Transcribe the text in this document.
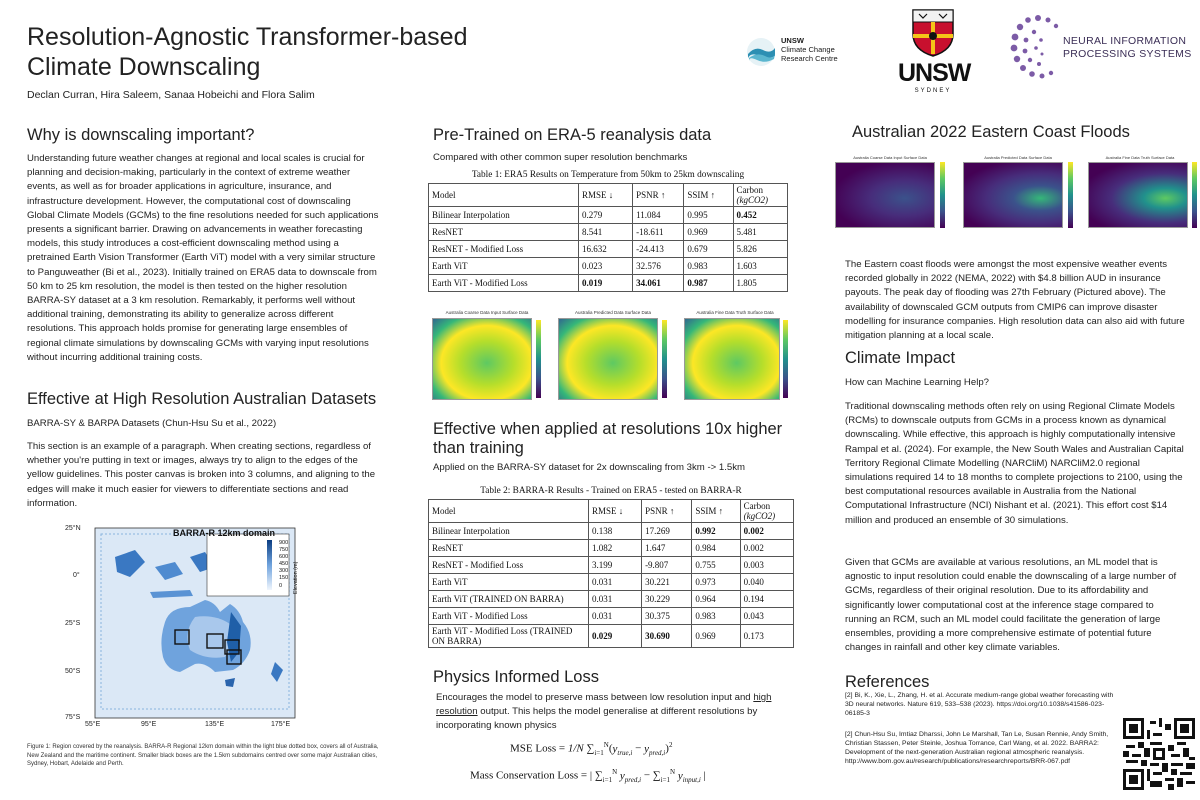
Resolution-Agnostic Transformer-based
Climate Downscaling
Declan Curran, Hira Saleem, Sanaa Hobeichi and Flora Salim
UNSW
Climate Change
Research Centre
UNSW
SYDNEY
NEURAL INFORMATION
PROCESSING SYSTEMS
Why is downscaling important?
Understanding future weather changes at regional and local scales is crucial for planning and decision-making, particularly in the context of extreme weather events, as well as for broader applications in agriculture, insurance, and infrastructure development. However, the computational cost of downscaling Global Climate Models (GCMs) to the fine resolutions needed for such applications presents a significant barrier. Drawing on advancements in weather forecasting models, this study introduces a cost-efficient downscaling method using a pretrained Earth Vision Transformer (Earth ViT) model with a very similar structure to Panguweather (Bi et al., 2023). Initially trained on ERA5 data to downscale from 50 km to 25 km resolution, the model is then tested on the higher resolution BARRA-SY dataset at a 3 km resolution. Remarkably, it performs well without additional training, demonstrating its ability to generalize across different resolutions. This approach holds promise for generating large ensembles of regional climate simulations by downscaling GCMs with varying input resolutions without incurring additional training costs.
Effective at High Resolution Australian Datasets
BARRA-SY & BARPA Datasets (Chun-Hsu Su et al., 2022)
This section is an example of a paragraph. When creating sections, regardless of whether you're putting in text or images, always try to align to the edges of the yellow guidelines. This poster canvas is broken into 3 columns, and aligning to the edges will make it much easier for viewers to differentiate sections and read information.
BARRA-R 12km domain
900
750
600
450
300
150
0	Elevation (m)
25°N
0°
25°S
50°S
75°S
55°E	95°E	135°E	175°E
Figure 1: Region covered by the reanalysis. BARRA-R Regional 12km domain within the light blue dotted box, covers all of Australia, New Zealand and the maritime continent. Smaller black boxes are the 1.5km subdomains centred over some major Australian cities, Sydney, Hobart, Adelaide and Perth.
Pre-Trained on ERA-5 reanalysis data
Compared with other common super resolution benchmarks
Table 1: ERA5 Results on Temperature from 50km to 25km downscaling
Model	RMSE ↓	PSNR ↑	SSIM ↑	Carbon
(kgCO2)

Bilinear Interpolation	0.279	11.084	0.995	0.452
ResNET	8.541	-18.611	0.969	5.481
ResNET - Modified Loss	16.632	-24.413	0.679	5.826
Earth ViT	0.023	32.576	0.983	1.603
Earth ViT - Modified Loss	0.019	34.061	0.987	1.805
Australia Coarse Data Input Surface Data	Australia Predicted Data Surface Data	Australia Fine Data Truth Surface Data
Effective when applied at resolutions 10x higher
than training
Applied on the BARRA-SY dataset for 2x downscaling from 3km -> 1.5km
Table 2: BARRA-R Results - Trained on ERA5 - tested on BARRA-R
Model	RMSE ↓	PSNR ↑	SSIM ↑	Carbon
(kgCO2)

Bilinear Interpolation	0.138	17.269	0.992	0.002
ResNET	1.082	1.647	0.984	0.002
ResNET - Modified Loss	3.199	-9.807	0.755	0.003
Earth ViT	0.031	30.221	0.973	0.040
Earth ViT (TRAINED ON BARRA)	0.031	30.229	0.964	0.194
Earth ViT - Modified Loss	0.031	30.375	0.983	0.043
Earth ViT - Modified Loss (TRAINED ON BARRA)	0.029	30.690	0.969	0.173
Physics Informed Loss
Encourages the model to preserve mass between low resolution input and high resolution output. This helps the model generalise at different resolutions by incorporating known physics
MSE Loss = 1/N $\sum_{i=1}^N(y_{true,i} - y_{pred,i})^2$
Mass Conservation Loss = | $\sum_{i=1}^N$ $y_{pred,i} - \sum_{i=1}^N$ $y_{input,i}$ |
Australian 2022 Eastern Coast Floods
Australia Coarse Data Input Surface Data	Australia Predicted Data Surface Data	Australia Fine Data Truth Surface Data
The Eastern coast floods were amongst the most expensive weather events recorded globally in 2022 (NEMA, 2022) with $4.8 billion AUD in insurance payouts. The peak day of flooding was 27th February (Pictured above). The availability of downscaled GCM outputs from CMIP6 can improve disaster modelling for insurance companies. High resolution data can also aid with future mitigation planning at a local scale.
Climate Impact
How can Machine Learning Help?
Traditional downscaling methods often rely on using Regional Climate Models (RCMs) to downscale outputs from GCMs in a process known as dynamical downscaling. While effective, this approach is highly computationally intensive Rampal et al. (2024). For example, the New South Wales and Australian Capital Territory Regional Climate Modelling (NARCliM) NARCliM2.0 regional simulations required 14 to 18 months to complete projections to 2100, using the best computational resources available in Australia from the National Computational Infrastructure (NCI) Nishant et al. (2021). This effort cost $14 million and produced an ensemble of 30 simulations.
Given that GCMs are available at various resolutions, an ML model that is agnostic to input resolution could enable the downscaling of a large number of GCMs, regardless of their original resolution. Due to its affordability and significantly lower computational cost at the inference stage compared to running an RCM, such an ML model could facilitate the generation of large ensembles, providing a more comprehensive estimate of potential future changes in rainfall and other key climate variables.
References
[2] Bi, K., Xie, L., Zhang, H. et al. Accurate medium-range global weather forecasting with 3D neural networks. Nature 619, 533–538 (2023). https://doi.org/10.1038/s41586-023-06185-3
[2] Chun-Hsu Su, Imtiaz Dharssi, John Le Marshall, Tan Le, Susan Rennie, Andy Smith, Christian Stassen, Peter Steinle, Joshua Torrance, Carl Wang, et al. 2022. BARRA2: Development of the next-generation Australian regional atmospheric reanalysis. http://www.bom.gov.au/research/publications/researchreports/BRR-067.pdf
